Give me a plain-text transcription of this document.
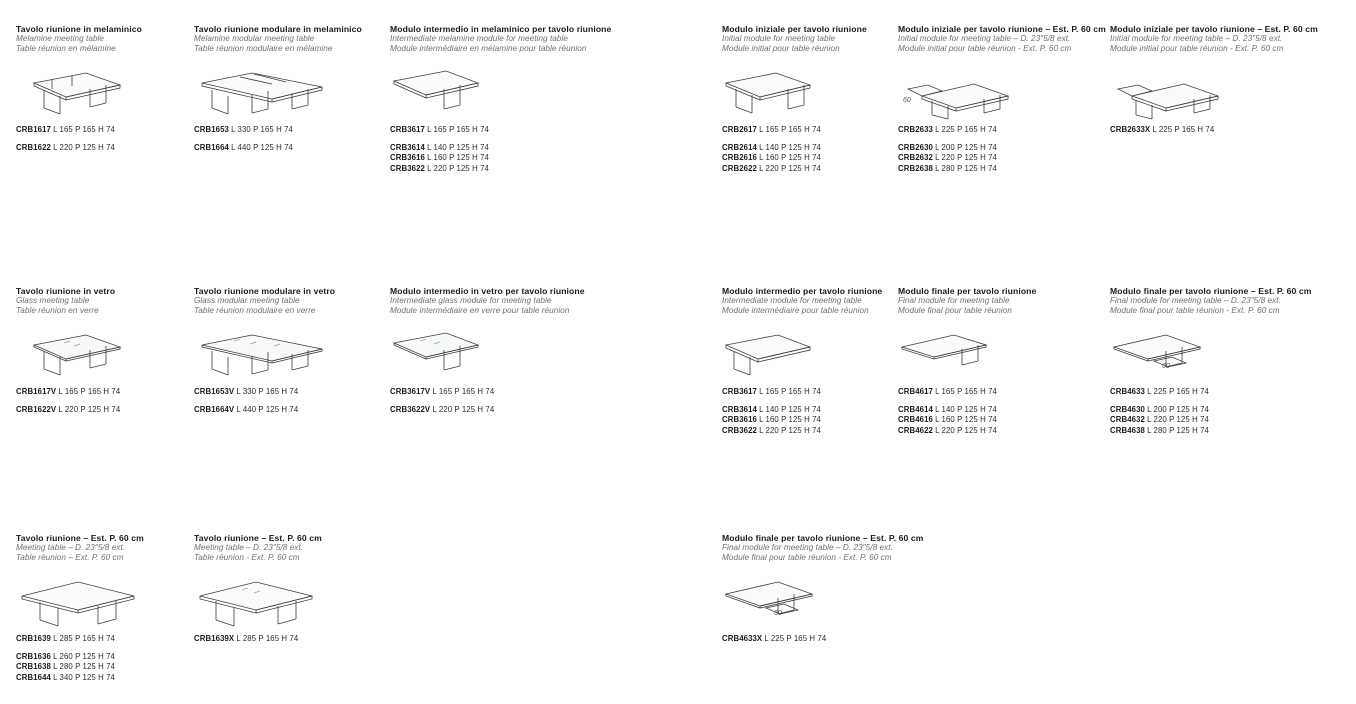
Tavolo riunione in melaminico
Melamine meeting table
Table réunion en mélamine
CRB1617 L 165 P 165 H 74
CRB1622 L 220 P 125 H 74
Tavolo riunione modulare in melaminico
Melamine modular meeting table
Table réunion modulaire en mélamine
CRB1653 L 330 P 165 H 74
CRB1664 L 440 P 125 H 74
Modulo intermedio in melaminico per tavolo riunione
Intermediate melamine module for meeting table
Module intermédiaire en mélamine pour table réunion
CRB3617 L 165 P 165 H 74
CRB3614 L 140 P 125 H 74
CRB3616 L 160 P 125 H 74
CRB3622 L 220 P 125 H 74
Modulo iniziale per tavolo riunione
Initial module for meeting table
Module initial pour table réunion
CRB2617 L 165 P 165 H 74
CRB2614 L 140 P 125 H 74
CRB2616 L 160 P 125 H 74
CRB2622 L 220 P 125 H 74
Modulo iniziale per tavolo riunione – Est. P. 60 cm
Initial module for meeting table – D. 23"5/8 ext.
Module initial pour table réunion - Ext. P. 60 cm
60
CRB2633 L 225 P 165 H 74
CRB2630 L 200 P 125 H 74
CRB2632 L 220 P 125 H 74
CRB2638 L 280 P 125 H 74
Modulo iniziale per tavolo riunione – Est. P. 60 cm
Initial module for meeting table – D. 23"5/8 ext.
Module initial pour table réunion - Ext. P. 60 cm
CRB2633X L 225 P 165 H 74
Tavolo riunione in vetro
Glass meeting table
Table réunion en verre
CRB1617V L 165 P 165 H 74
CRB1622V L 220 P 125 H 74
Tavolo riunione modulare in vetro
Glass modular meeting table
Table réunion modulaire en verre
CRB1653V L 330 P 165 H 74
CRB1664V L 440 P 125 H 74
Modulo intermedio in vetro per tavolo riunione
Intermediate glass module for meeting table
Module intermédiaire en verre pour table réunion
CRB3617V L 165 P 165 H 74
CRB3622V L 220 P 125 H 74
Modulo intermedio per tavolo riunione
Intermediate module for meeting table
Module intermédiaire pour table réunion
CRB3617 L 165 P 165 H 74
CRB3614 L 140 P 125 H 74
CRB3616 L 160 P 125 H 74
CRB3622 L 220 P 125 H 74
Modulo finale per tavolo riunione
Final module for meeting table
Module final pour table réunion
CRB4617 L 165 P 165 H 74
CRB4614 L 140 P 125 H 74
CRB4616 L 160 P 125 H 74
CRB4622 L 220 P 125 H 74
Modulo finale per tavolo riunione – Est. P. 60 cm
Final module for meeting table – D. 23"5/8 ext.
Module final pour table réunion - Ext. P. 60 cm
60
CRB4633 L 225 P 165 H 74
CRB4630 L 200 P 125 H 74
CRB4632 L 220 P 125 H 74
CRB4638 L 280 P 125 H 74
Tavolo riunione – Est. P. 60 cm
Meeting table – D. 23"5/8 ext.
Table réunion – Ext. P. 60 cm
CRB1639 L 285 P 165 H 74
CRB1636 L 260 P 125 H 74
CRB1638 L 280 P 125 H 74
CRB1644 L 340 P 125 H 74
Tavolo riunione – Est. P. 60 cm
Meeting table – D. 23"5/8 ext.
Table réunion - Ext. P. 60 cm
CRB1639X L 285 P 165 H 74
Modulo finale per tavolo riunione – Est. P. 60 cm
Final module for meeting table – D. 23"5/8 ext.
Module final pour table réunion - Ext. P. 60 cm
60
CRB4633X L 225 P 165 H 74
